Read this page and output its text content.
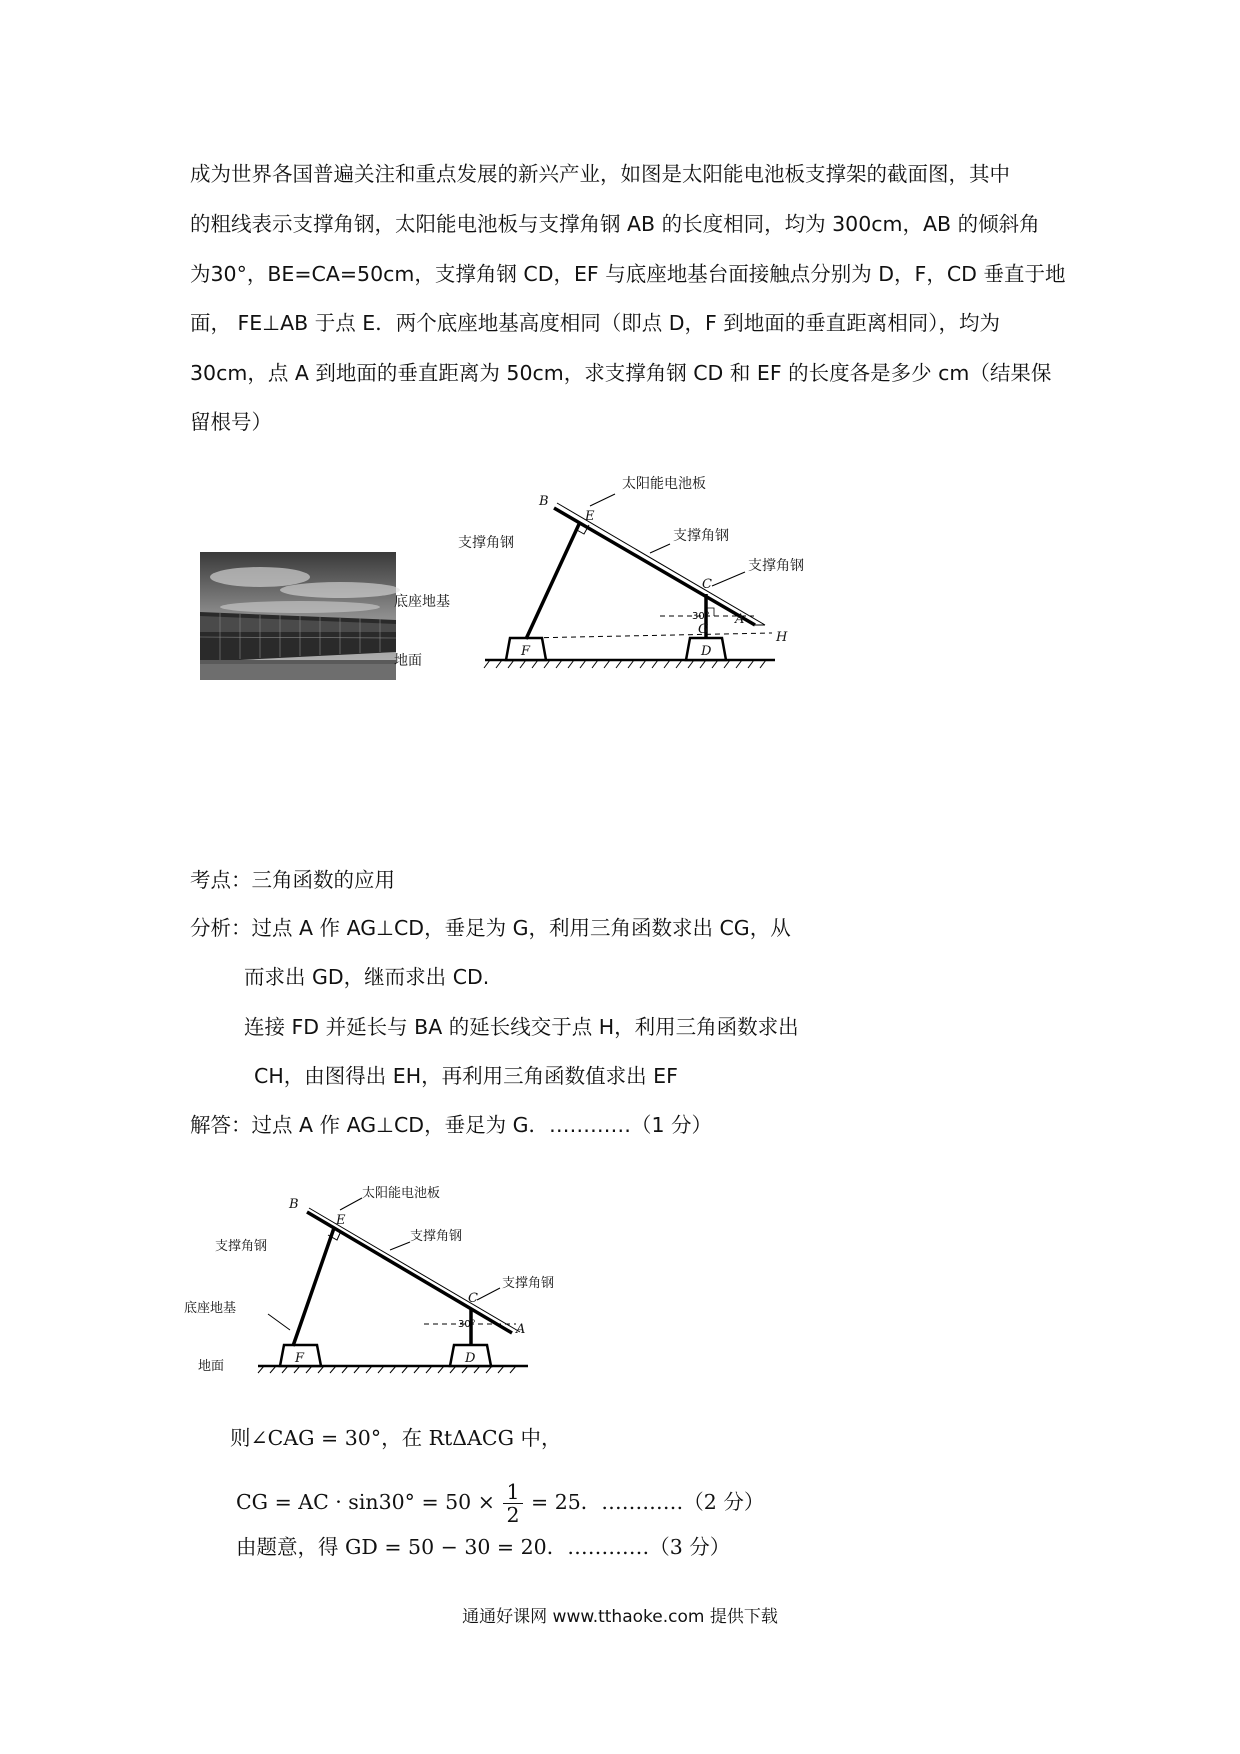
成为世界各国普遍关注和重点发展的新兴产业，如图是太阳能电池板支撑架的截面图，其中
的粗线表示支撑角钢，太阳能电池板与支撑角钢 AB 的长度相同，均为 300cm，AB 的倾斜角
为30°，BE=CA=50cm，支撑角钢 CD，EF 与底座地基台面接触点分别为 D，F，CD 垂直于地
面， FE⊥AB 于点 E．两个底座地基高度相同（即点 D，F 到地面的垂直距离相同），均为
30cm，点 A 到地面的垂直距离为 50cm，求支撑角钢 CD 和 EF 的长度各是多少 cm（结果保
留根号）
太阳能电池板
支撑角钢
支撑角钢
支撑角钢
底座地基
地面
30°
B
E
C
A
G
H
F	D
考点：三角函数的应用
分析：过点 A 作 AG⊥CD，垂足为 G，利用三角函数求出 CG，从
而求出 GD，继而求出 CD.
连接 FD 并延长与 BA 的延长线交于点 H，利用三角函数求出
CH，由图得出 EH，再利用三角函数值求出 EF
解答：过点 A 作 AG⊥CD，垂足为 G．…………（1 分）
太阳能电池板
支撑角钢
支撑角钢
支撑角钢
底座地基
地面
30°
B
E
C
A
F	D
则∠CAG = 30°，在 RtΔACG 中，
CG = AC · $\sin 30^\circ = 50 \times \frac{1}{2} = 25$．…………（2 分）
由题意，得 GD = 50 − 30 = 20．…………（3 分）
通通好课网 www.tthaoke.com 提供下载
